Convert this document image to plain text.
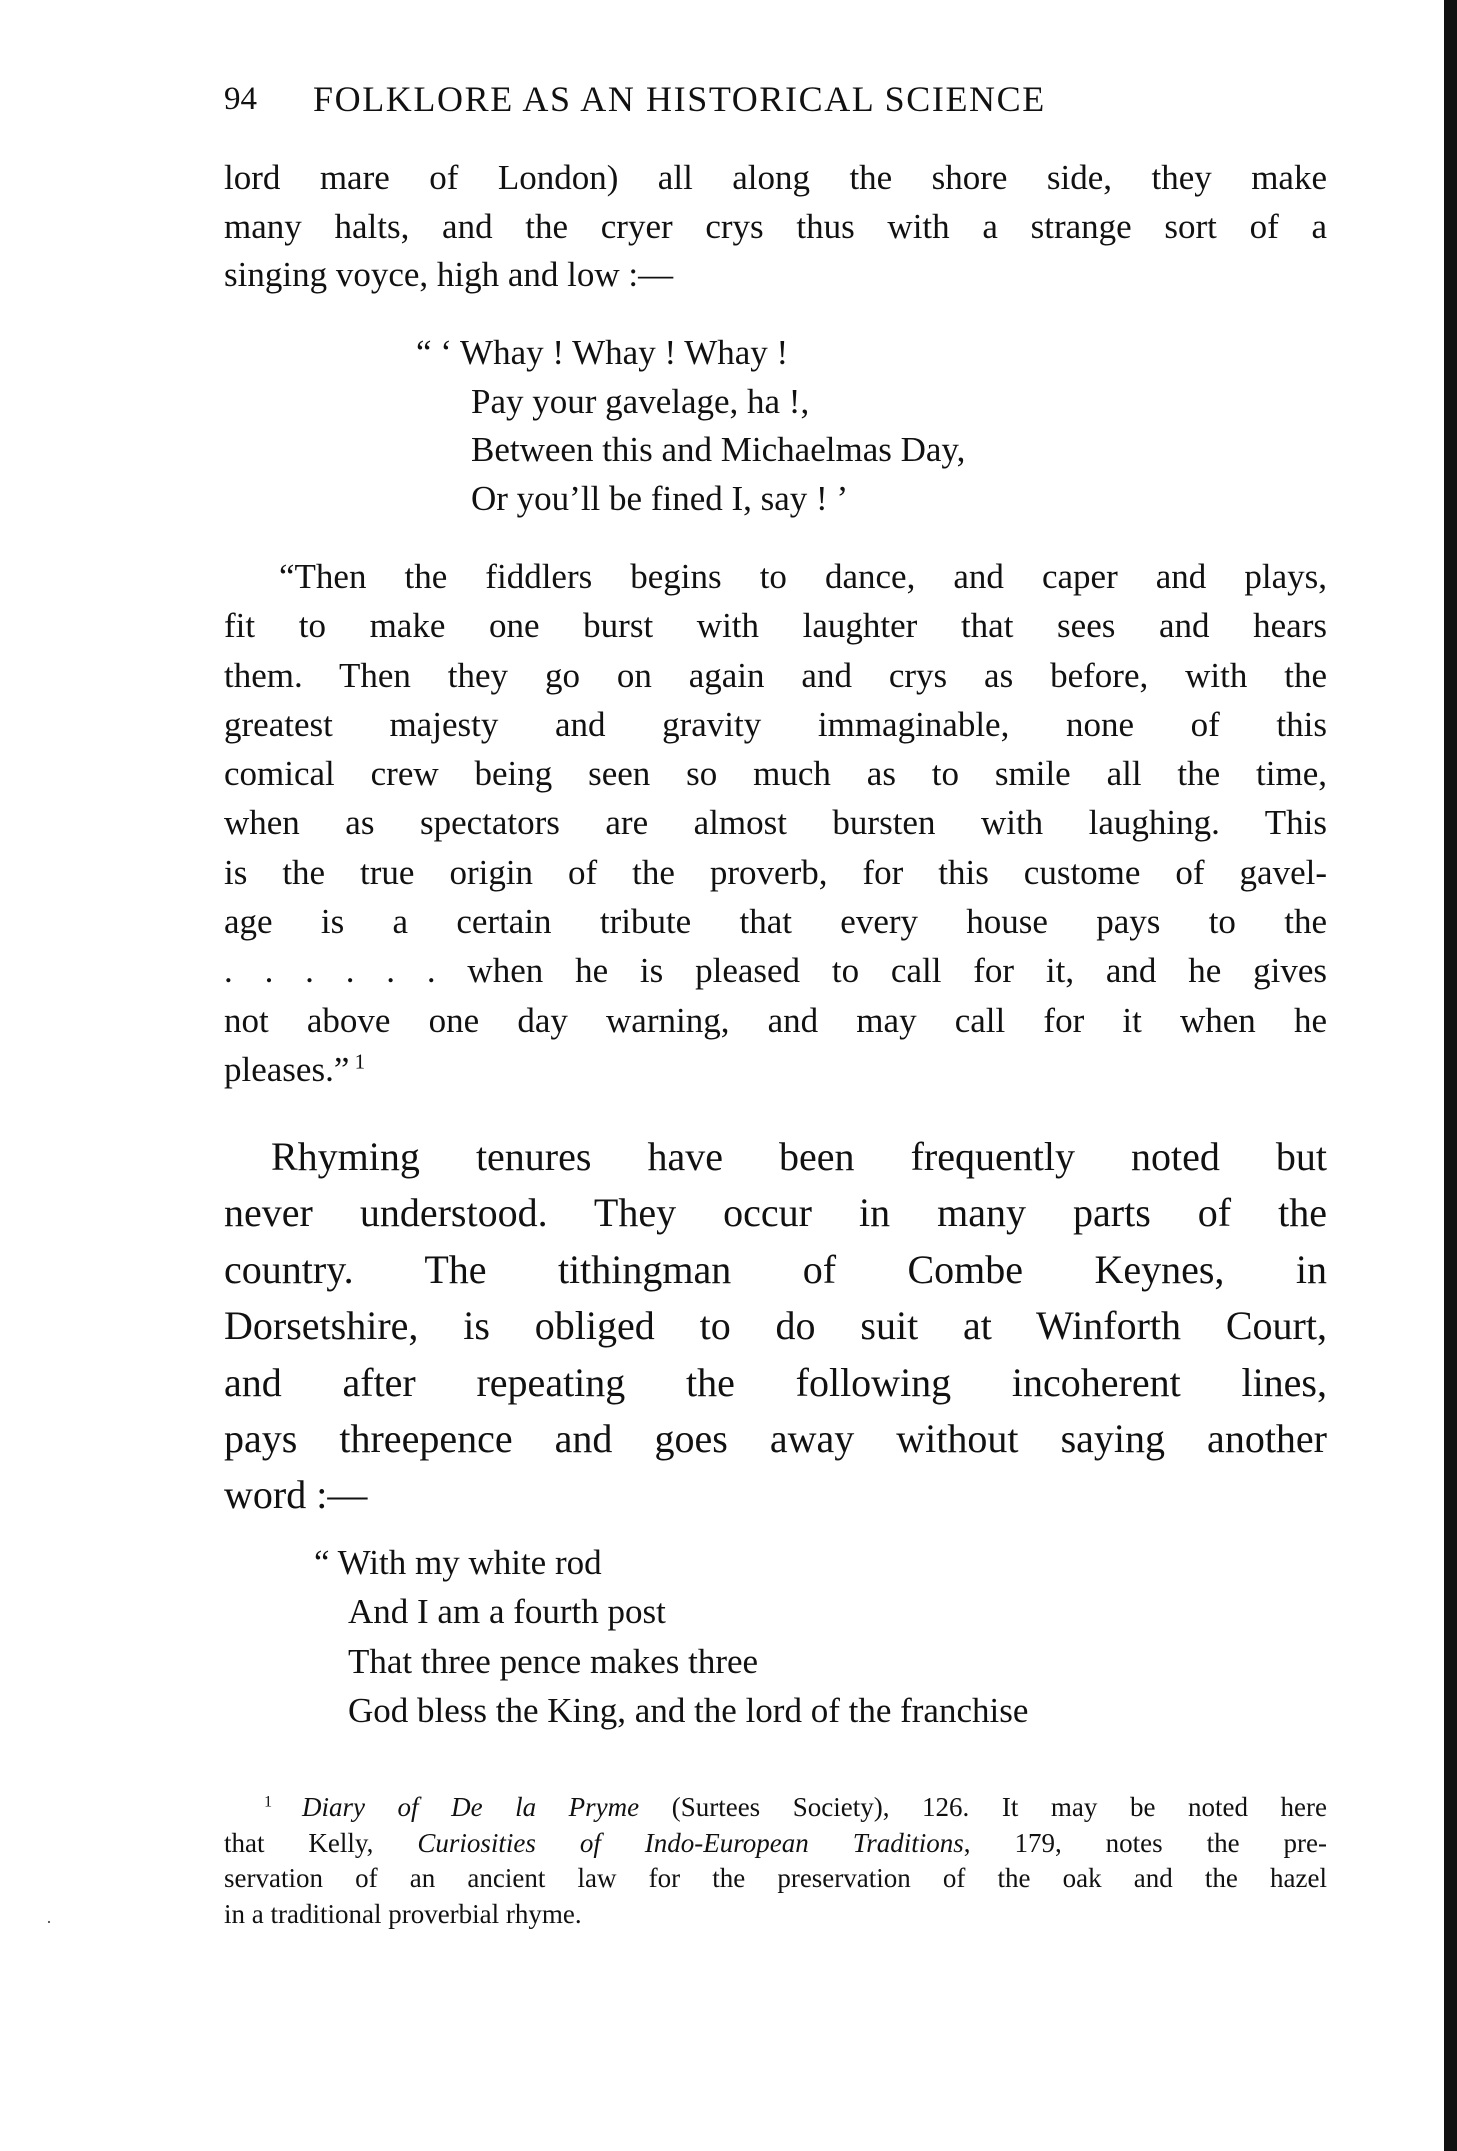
·
94 FOLKLORE AS AN HISTORICAL SCIENCE
lord mare of London) all along the shore side, they make
many halts, and the cryer crys thus with a strange sort of a
singing voyce, high and low :—
“ ‘ Whay ! Whay ! Whay !
Pay your gavelage, ha !,
Between this and Michaelmas Day,
Or you’ll be fined I, say ! ’
“Then the fiddlers begins to dance, and caper and plays,
fit to make one burst with laughter that sees and hears
them. Then they go on again and crys as before, with the
greatest majesty and gravity immaginable, none of this
comical crew being seen so much as to smile all the time,
when as spectators are almost bursten with laughing. This
is the true origin of the proverb, for this custome of gavel-
age is a certain tribute that every house pays to the
. . . . . . when he is pleased to call for it, and he gives
not above one day warning, and may call for it when he
pleases.” $^1$
Rhyming tenures have been frequently noted but
never understood. They occur in many parts of the
country. The tithingman of Combe Keynes, in
Dorsetshire, is obliged to do suit at Winforth Court,
and after repeating the following incoherent lines,
pays threepence and goes away without saying another
word :—
“ With my white rod
And I am a fourth post
That three pence makes three
God bless the King, and the lord of the franchise
$^1$ Diary of De la Pryme (Surtees Society), 126. It may be noted here
that Kelly, Curiosities of Indo-European Traditions, 179, notes the pre-
servation of an ancient law for the preservation of the oak and the hazel
in a traditional proverbial rhyme.
